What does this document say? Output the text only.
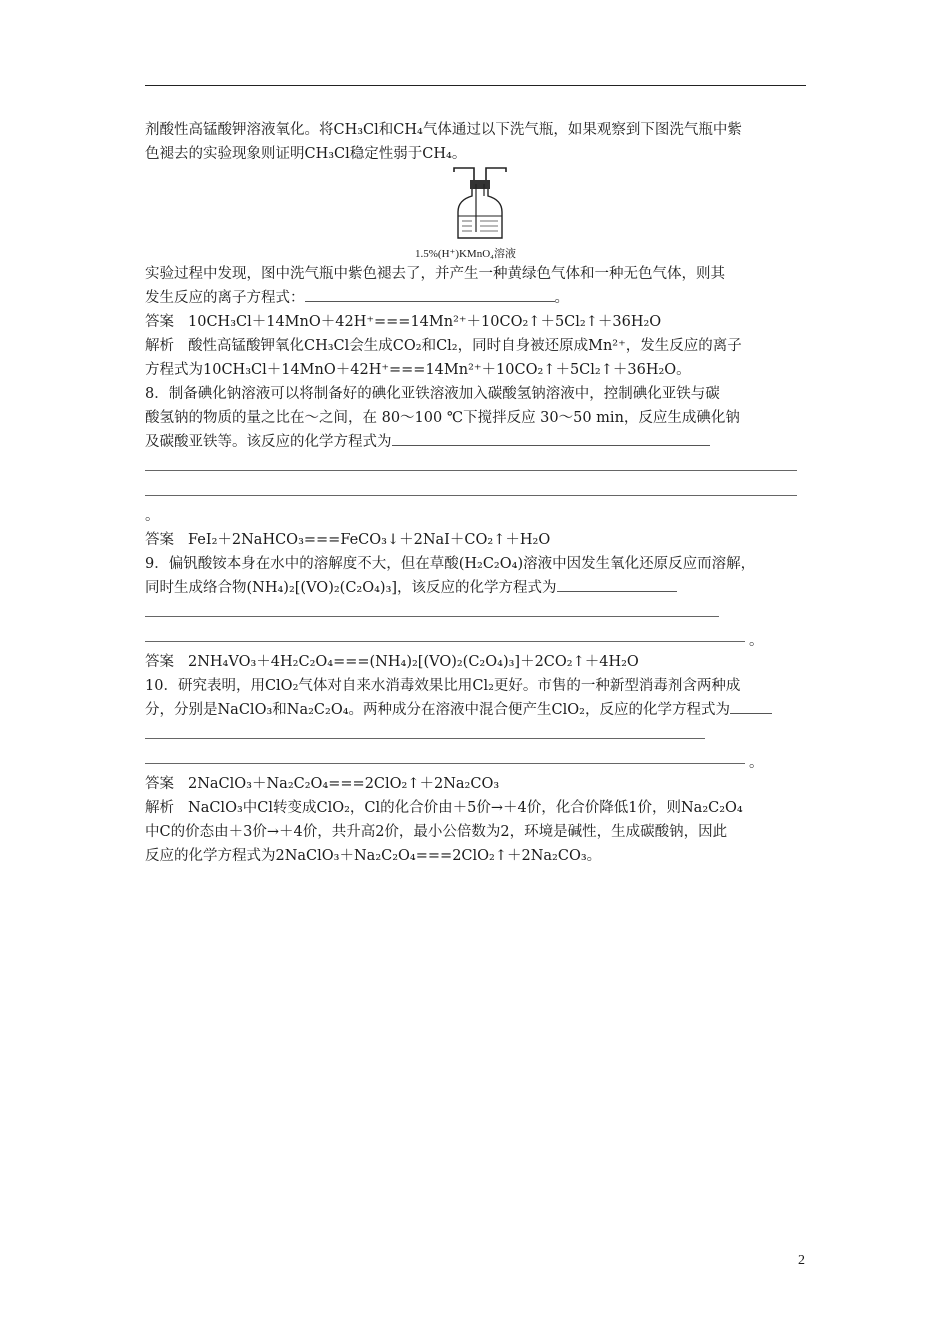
剂酸性高锰酸钾溶液氧化。将CH₃Cl和CH₄气体通过以下洗气瓶，如果观察到下图洗气瓶中紫

色褪去的实验现象则证明CH₃Cl稳定性弱于CH₄。

1.5%(H⁺)KMnO₄溶液

实验过程中发现，图中洗气瓶中紫色褪去了，并产生一种黄绿色气体和一种无色气体，则其

发生反应的离子方程式：	。

答案 10CH₃Cl＋14MnO＋42H⁺===14Mn²⁺＋10CO₂↑＋5Cl₂↑＋36H₂O

解析 酸性高锰酸钾氧化CH₃Cl会生成CO₂和Cl₂，同时自身被还原成Mn²⁺，发生反应的离子

方程式为10CH₃Cl＋14MnO＋42H⁺===14Mn²⁺＋10CO₂↑＋5Cl₂↑＋36H₂O。

8．制备碘化钠溶液可以将制备好的碘化亚铁溶液加入碳酸氢钠溶液中，控制碘化亚铁与碳

酸氢钠的物质的量之比在～之间，在 80～100 ℃下搅拌反应 30～50 min，反应生成碘化钠

及碳酸亚铁等。该反应的化学方程式为

。

答案 FeI₂＋2NaHCO₃===FeCO₃↓＋2NaI＋CO₂↑＋H₂O

9．偏钒酸铵本身在水中的溶解度不大，但在草酸(H₂C₂O₄)溶液中因发生氧化还原反应而溶解，

同时生成络合物(NH₄)₂[(VO)₂(C₂O₄)₃]，该反应的化学方程式为

。

答案 2NH₄VO₃＋4H₂C₂O₄===(NH₄)₂[(VO)₂(C₂O₄)₃]＋2CO₂↑＋4H₂O

10．研究表明，用ClO₂气体对自来水消毒效果比用Cl₂更好。市售的一种新型消毒剂含两种成

分，分别是NaClO₃和Na₂C₂O₄。两种成分在溶液中混合便产生ClO₂，反应的化学方程式为

。

答案 2NaClO₃＋Na₂C₂O₄===2ClO₂↑＋2Na₂CO₃

解析 NaClO₃中Cl转变成ClO₂，Cl的化合价由＋5价→＋4价，化合价降低1价，则Na₂C₂O₄

中C的价态由＋3价→＋4价，共升高2价，最小公倍数为2，环境是碱性，生成碳酸钠，因此

反应的化学方程式为2NaClO₃＋Na₂C₂O₄===2ClO₂↑＋2Na₂CO₃。

2
